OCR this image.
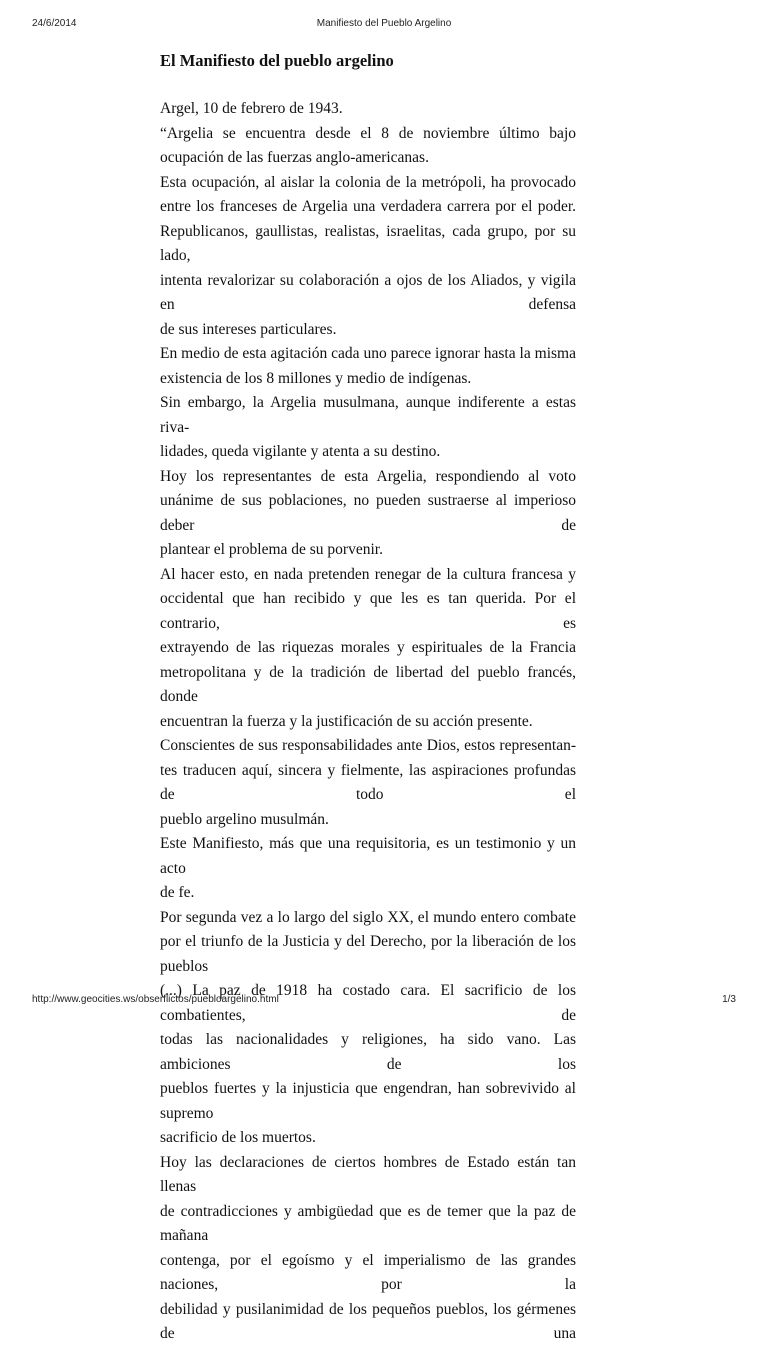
Manifiesto del Pueblo Argelino
24/6/2014
El Manifiesto del pueblo argelino

Argel, 10 de febrero de 1943.

“Argelia se encuentra desde el 8 de noviembre último bajo

ocupación de las fuerzas anglo-americanas.

Esta ocupación, al aislar la colonia de la metrópoli, ha provocado

entre los franceses de Argelia una verdadera carrera por el poder.

Republicanos, gaullistas, realistas, israelitas, cada grupo, por su lado,

intenta revalorizar su colaboración a ojos de los Aliados, y vigila en defensa

de sus intereses particulares.

En medio de esta agitación cada uno parece ignorar hasta la misma

existencia de los 8 millones y medio de indígenas.

Sin embargo, la Argelia musulmana, aunque indiferente a estas riva-

lidades, queda vigilante y atenta a su destino.

Hoy los representantes de esta Argelia, respondiendo al voto

unánime de sus poblaciones, no pueden sustraerse al imperioso deber de

plantear el problema de su porvenir.

Al hacer esto, en nada pretenden renegar de la cultura francesa y

occidental que han recibido y que les es tan querida. Por el contrario, es

extrayendo de las riquezas morales y espirituales de la Francia

metropolitana y de la tradición de libertad del pueblo francés, donde

encuentran la fuerza y la justificación de su acción presente.

Conscientes de sus responsabilidades ante Dios, estos representan-

tes traducen aquí, sincera y fielmente, las aspiraciones profundas de todo el

pueblo argelino musulmán.

Este Manifiesto, más que una requisitoria, es un testimonio y un acto

de fe.

Por segunda vez a lo largo del siglo XX, el mundo entero combate

por el triunfo de la Justicia y del Derecho, por la liberación de los pueblos

(...) La paz de 1918 ha costado cara. El sacrificio de los combatientes, de

todas las nacionalidades y religiones, ha sido vano. Las ambiciones de los

pueblos fuertes y la injusticia que engendran, han sobrevivido al supremo

sacrificio de los muertos.

Hoy las declaraciones de ciertos hombres de Estado están tan llenas

de contradicciones y ambigüedad que es de temer que la paz de mañana

contenga, por el egoísmo y el imperialismo de las grandes naciones, por la

debilidad y pusilanimidad de los pequeños pueblos, los gérmenes de una

http://www.geocities.ws/obserflictos/puebloargelino.html	1/3
